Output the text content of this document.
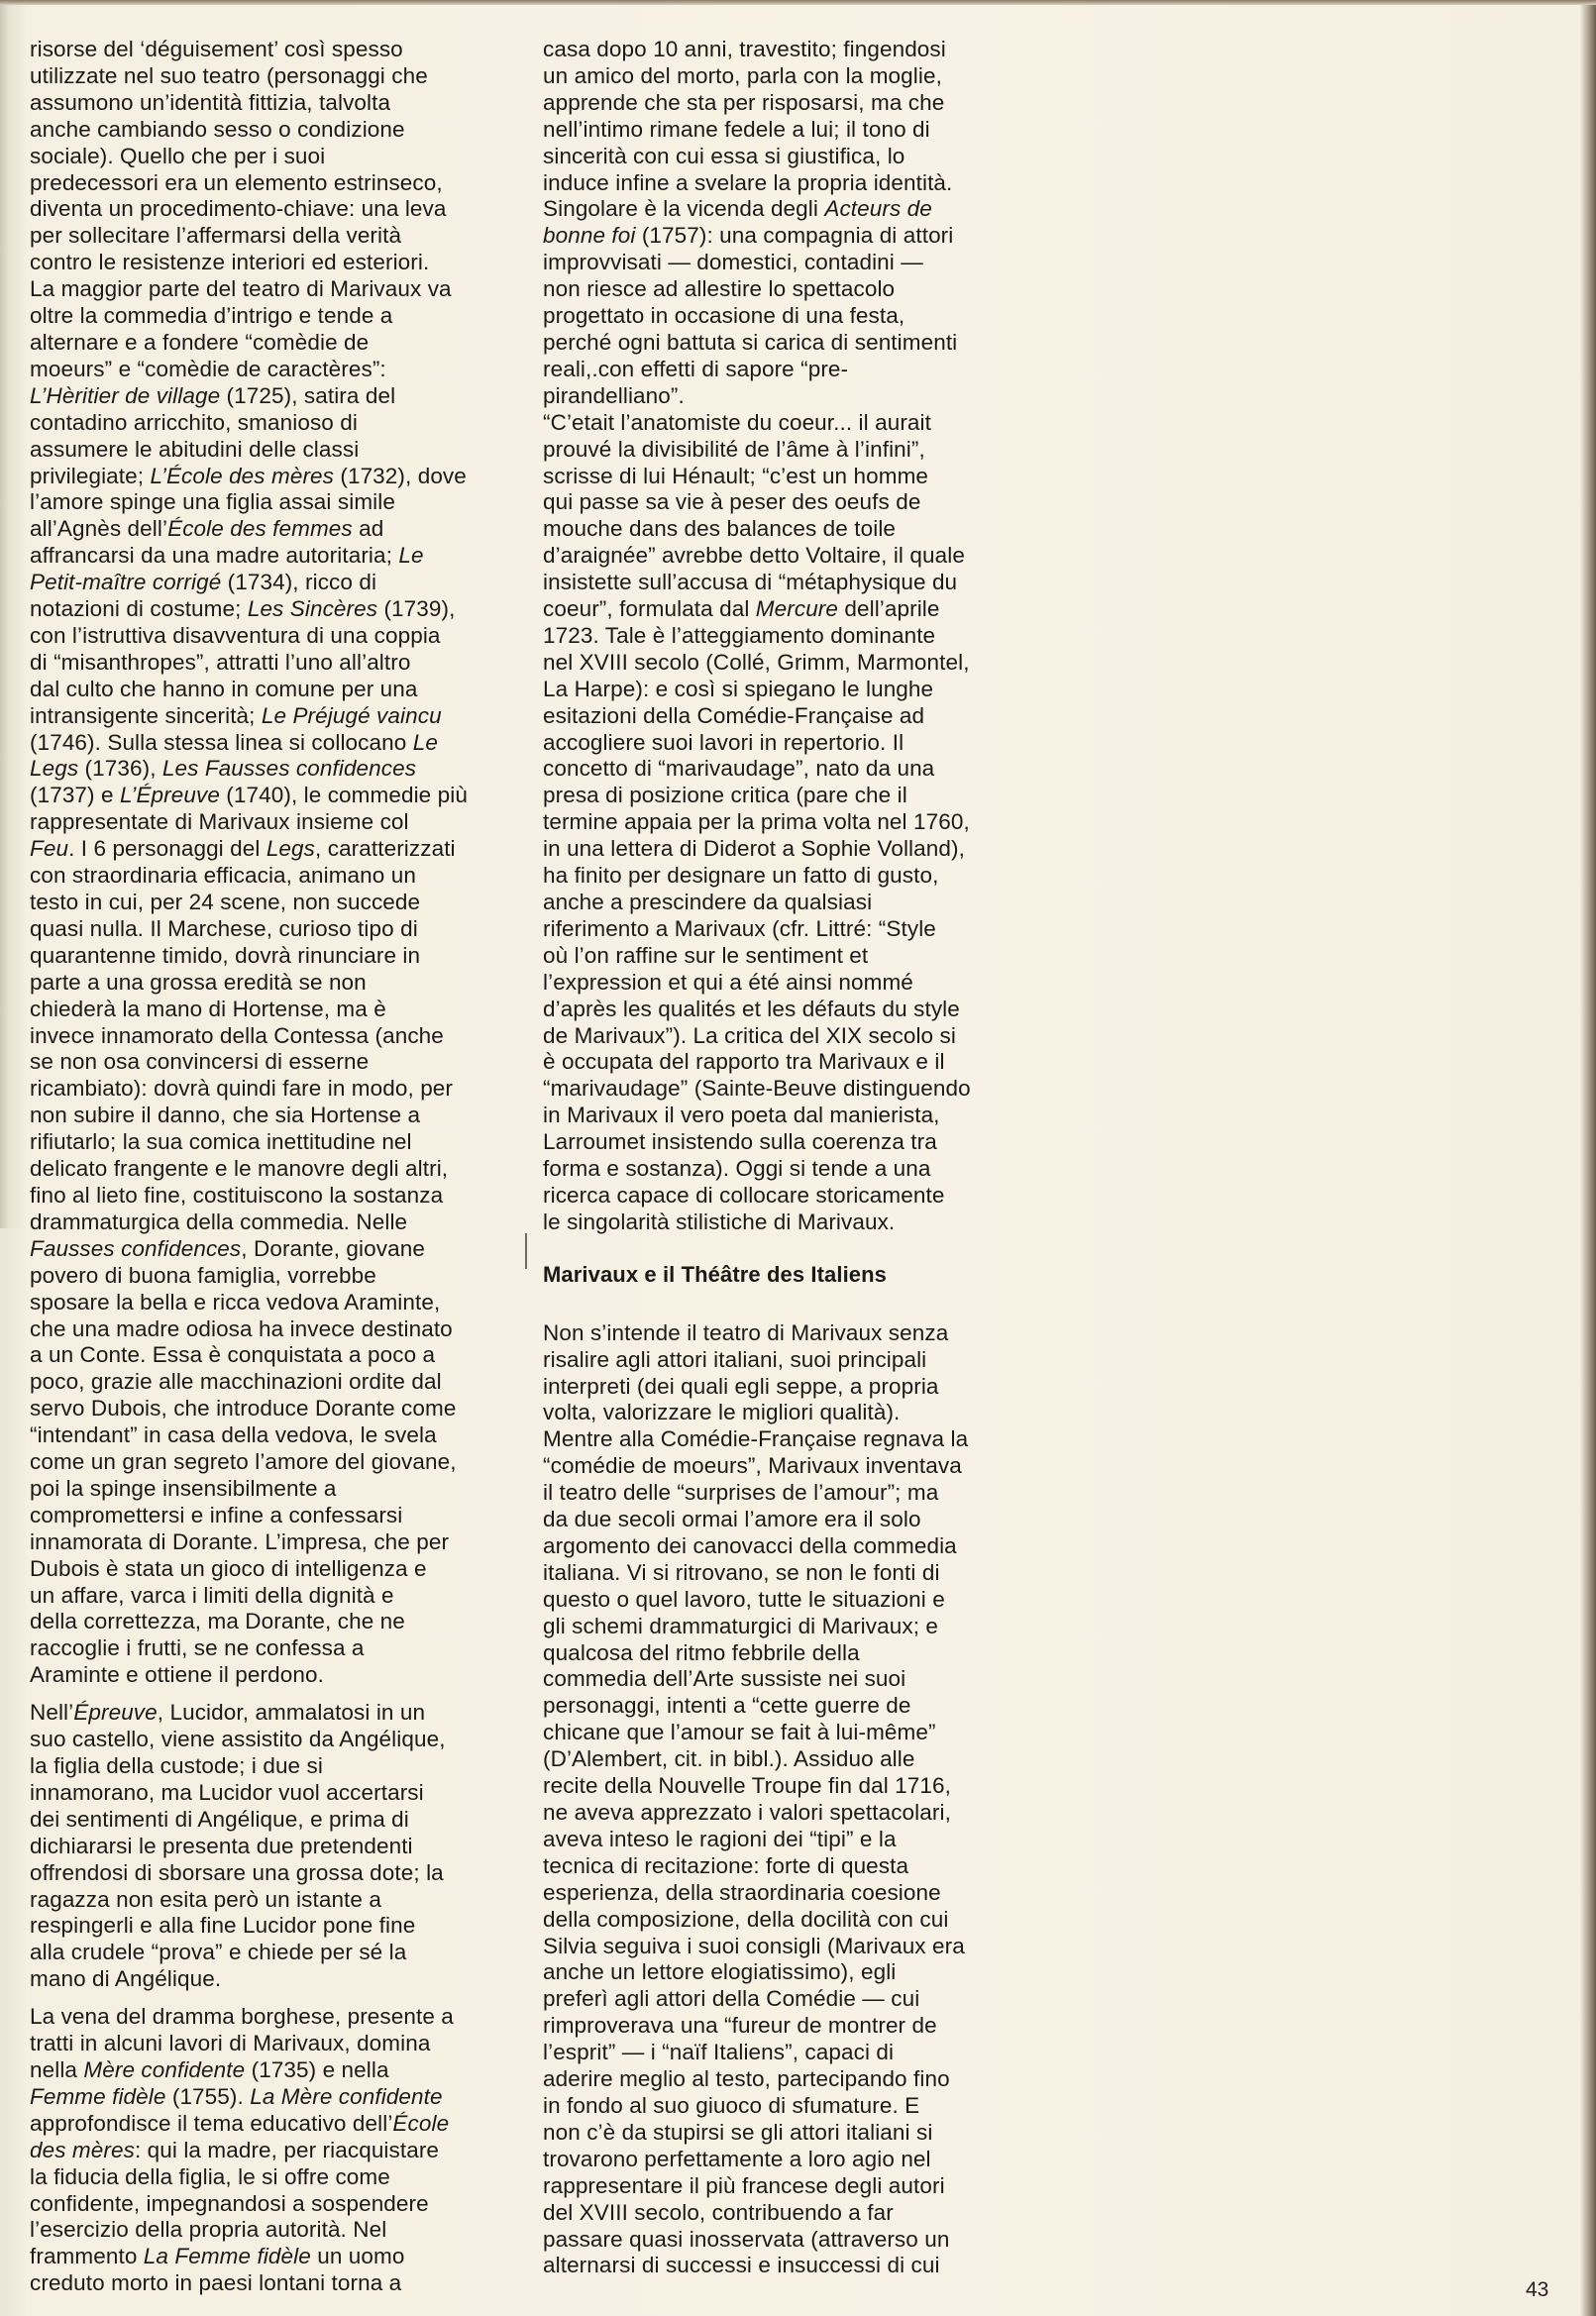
risorse del ‘déguisement’ così spesso
utilizzate nel suo teatro (personaggi che
assumono un’identità fittizia, talvolta
anche cambiando sesso o condizione
sociale). Quello che per i suoi
predecessori era un elemento estrinseco,
diventa un procedimento-chiave: una leva
per sollecitare l’affermarsi della verità
contro le resistenze interiori ed esteriori.
La maggior parte del teatro di Marivaux va
oltre la commedia d’intrigo e tende a
alternare e a fondere “comèdie de
moeurs” e “comèdie de caractères”:
L’Hèritier de village (1725), satira del
contadino arricchito, smanioso di
assumere le abitudini delle classi
privilegiate; L’École des mères (1732), dove
l’amore spinge una figlia assai simile
all’Agnès dell’École des femmes ad
affrancarsi da una madre autoritaria; Le
Petit-maître corrigé (1734), ricco di
notazioni di costume; Les Sincères (1739),
con l’istruttiva disavventura di una coppia
di “misanthropes”, attratti l’uno all’altro
dal culto che hanno in comune per una
intransigente sincerità; Le Préjugé vaincu
(1746). Sulla stessa linea si collocano Le
Legs (1736), Les Fausses confidences
(1737) e L’Épreuve (1740), le commedie più
rappresentate di Marivaux insieme col
Feu. I 6 personaggi del Legs, caratterizzati
con straordinaria efficacia, animano un
testo in cui, per 24 scene, non succede
quasi nulla. Il Marchese, curioso tipo di
quarantenne timido, dovrà rinunciare in
parte a una grossa eredità se non
chiederà la mano di Hortense, ma è
invece innamorato della Contessa (anche
se non osa convincersi di esserne
ricambiato): dovrà quindi fare in modo, per
non subire il danno, che sia Hortense a
rifiutarlo; la sua comica inettitudine nel
delicato frangente e le manovre degli altri,
fino al lieto fine, costituiscono la sostanza
drammaturgica della commedia. Nelle
Fausses confidences, Dorante, giovane
povero di buona famiglia, vorrebbe
sposare la bella e ricca vedova Araminte,
che una madre odiosa ha invece destinato
a un Conte. Essa è conquistata a poco a
poco, grazie alle macchinazioni ordite dal
servo Dubois, che introduce Dorante come
“intendant” in casa della vedova, le svela
come un gran segreto l’amore del giovane,
poi la spinge insensibilmente a
compromettersi e infine a confessarsi
innamorata di Dorante. L’impresa, che per
Dubois è stata un gioco di intelligenza e
un affare, varca i limiti della dignità e
della correttezza, ma Dorante, che ne
raccoglie i frutti, se ne confessa a
Araminte e ottiene il perdono.
Nell’Épreuve, Lucidor, ammalatosi in un
suo castello, viene assistito da Angélique,
la figlia della custode; i due si
innamorano, ma Lucidor vuol accertarsi
dei sentimenti di Angélique, e prima di
dichiararsi le presenta due pretendenti
offrendosi di sborsare una grossa dote; la
ragazza non esita però un istante a
respingerli e alla fine Lucidor pone fine
alla crudele “prova” e chiede per sé la
mano di Angélique.
La vena del dramma borghese, presente a
tratti in alcuni lavori di Marivaux, domina
nella Mère confidente (1735) e nella
Femme fidèle (1755). La Mère confidente
approfondisce il tema educativo dell’École
des mères: qui la madre, per riacquistare
la fiducia della figlia, le si offre come
confidente, impegnandosi a sospendere
l’esercizio della propria autorità. Nel
frammento La Femme fidèle un uomo
creduto morto in paesi lontani torna a
casa dopo 10 anni, travestito; fingendosi
un amico del morto, parla con la moglie,
apprende che sta per risposarsi, ma che
nell’intimo rimane fedele a lui; il tono di
sincerità con cui essa si giustifica, lo
induce infine a svelare la propria identità.
Singolare è la vicenda degli Acteurs de
bonne foi (1757): una compagnia di attori
improvvisati — domestici, contadini —
non riesce ad allestire lo spettacolo
progettato in occasione di una festa,
perché ogni battuta si carica di sentimenti
reali,.con effetti di sapore “pre-
pirandelliano”.
“C’etait l’anatomiste du coeur... il aurait
prouvé la divisibilité de l’âme à l’infini”,
scrisse di lui Hénault; “c’est un homme
qui passe sa vie à peser des oeufs de
mouche dans des balances de toile
d’araignée” avrebbe detto Voltaire, il quale
insistette sull’accusa di “métaphysique du
coeur”, formulata dal Mercure dell’aprile
1723. Tale è l’atteggiamento dominante
nel XVIII secolo (Collé, Grimm, Marmontel,
La Harpe): e così si spiegano le lunghe
esitazioni della Comédie-Française ad
accogliere suoi lavori in repertorio. Il
concetto di “marivaudage”, nato da una
presa di posizione critica (pare che il
termine appaia per la prima volta nel 1760,
in una lettera di Diderot a Sophie Volland),
ha finito per designare un fatto di gusto,
anche a prescindere da qualsiasi
riferimento a Marivaux (cfr. Littré: “Style
où l’on raffine sur le sentiment et
l’expression et qui a été ainsi nommé
d’après les qualités et les défauts du style
de Marivaux”). La critica del XIX secolo si
è occupata del rapporto tra Marivaux e il
“marivaudage” (Sainte-Beuve distinguendo
in Marivaux il vero poeta dal manierista,
Larroumet insistendo sulla coerenza tra
forma e sostanza). Oggi si tende a una
ricerca capace di collocare storicamente
le singolarità stilistiche di Marivaux.
Marivaux e il Théâtre des Italiens
Non s’intende il teatro di Marivaux senza
risalire agli attori italiani, suoi principali
interpreti (dei quali egli seppe, a propria
volta, valorizzare le migliori qualità).
Mentre alla Comédie-Française regnava la
“comédie de moeurs”, Marivaux inventava
il teatro delle “surprises de l’amour”; ma
da due secoli ormai l’amore era il solo
argomento dei canovacci della commedia
italiana. Vi si ritrovano, se non le fonti di
questo o quel lavoro, tutte le situazioni e
gli schemi drammaturgici di Marivaux; e
qualcosa del ritmo febbrile della
commedia dell’Arte sussiste nei suoi
personaggi, intenti a “cette guerre de
chicane que l’amour se fait à lui-même”
(D’Alembert, cit. in bibl.). Assiduo alle
recite della Nouvelle Troupe fin dal 1716,
ne aveva apprezzato i valori spettacolari,
aveva inteso le ragioni dei “tipi” e la
tecnica di recitazione: forte di questa
esperienza, della straordinaria coesione
della composizione, della docilità con cui
Silvia seguiva i suoi consigli (Marivaux era
anche un lettore elogiatissimo), egli
preferì agli attori della Comédie — cui
rimproverava una “fureur de montrer de
l’esprit” — i “naïf Italiens”, capaci di
aderire meglio al testo, partecipando fino
in fondo al suo giuoco di sfumature. E
non c’è da stupirsi se gli attori italiani si
trovarono perfettamente a loro agio nel
rappresentare il più francese degli autori
del XVIII secolo, contribuendo a far
passare quasi inosservata (attraverso un
alternarsi di successi e insuccessi di cui
43
